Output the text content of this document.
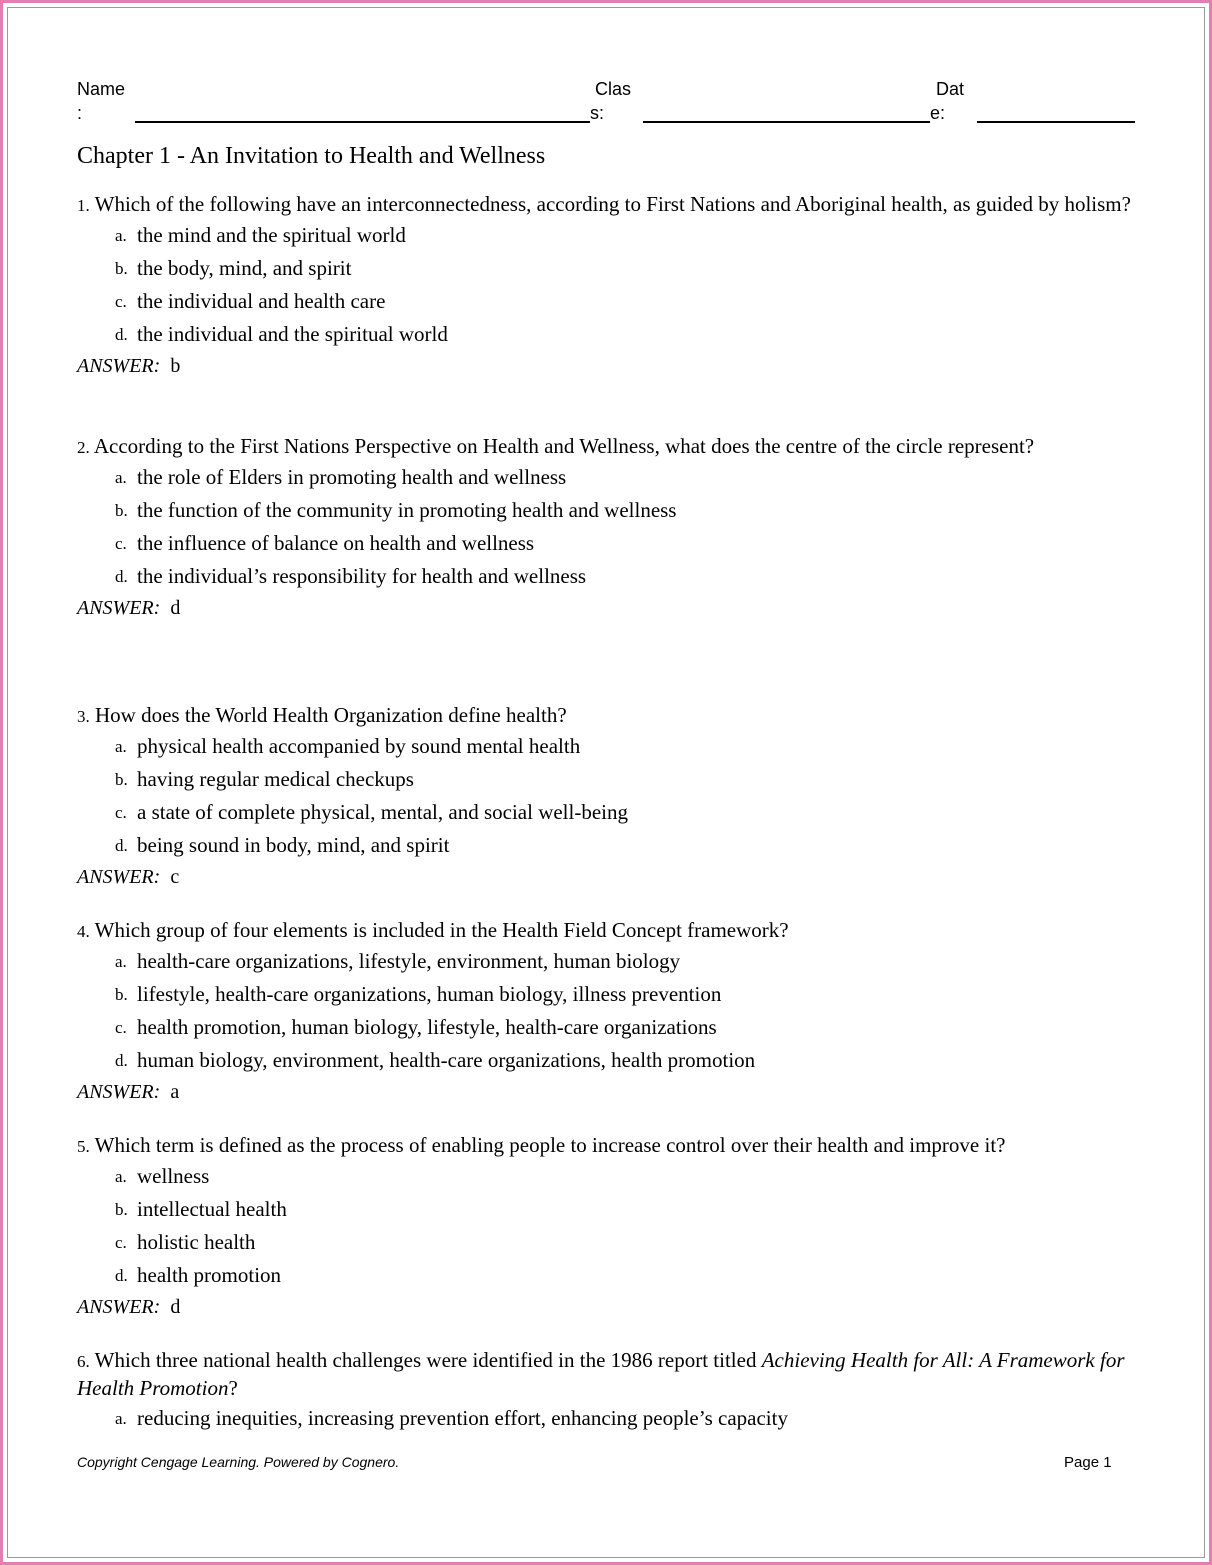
Name
:
Clas
s:
Dat
e:
Chapter 1 - An Invitation to Health and Wellness

1. Which of the following have an interconnectedness, according to First Nations and Aboriginal health, as guided by holism?

a. the mind and the spiritual world
b. the body, mind, and spirit
c. the individual and health care
d. the individual and the spiritual world
ANSWER: b

2. According to the First Nations Perspective on Health and Wellness, what does the centre of the circle represent?

a. the role of Elders in promoting health and wellness
b. the function of the community in promoting health and wellness
c. the influence of balance on health and wellness
d. the individual’s responsibility for health and wellness
ANSWER: d

3. How does the World Health Organization define health?

a. physical health accompanied by sound mental health
b. having regular medical checkups
c. a state of complete physical, mental, and social well-being
d. being sound in body, mind, and spirit
ANSWER: c

4. Which group of four elements is included in the Health Field Concept framework?

a. health-care organizations, lifestyle, environment, human biology
b. lifestyle, health-care organizations, human biology, illness prevention
c. health promotion, human biology, lifestyle, health-care organizations
d. human biology, environment, health-care organizations, health promotion
ANSWER: a

5. Which term is defined as the process of enabling people to increase control over their health and improve it?

a. wellness
b. intellectual health
c. holistic health
d. health promotion
ANSWER: d

6. Which three national health challenges were identified in the 1986 report titled Achieving Health for All: A Framework for Health Promotion?

a. reducing inequities, increasing prevention effort, enhancing people’s capacity
Copyright Cengage Learning. Powered by Cognero.	Page 1
